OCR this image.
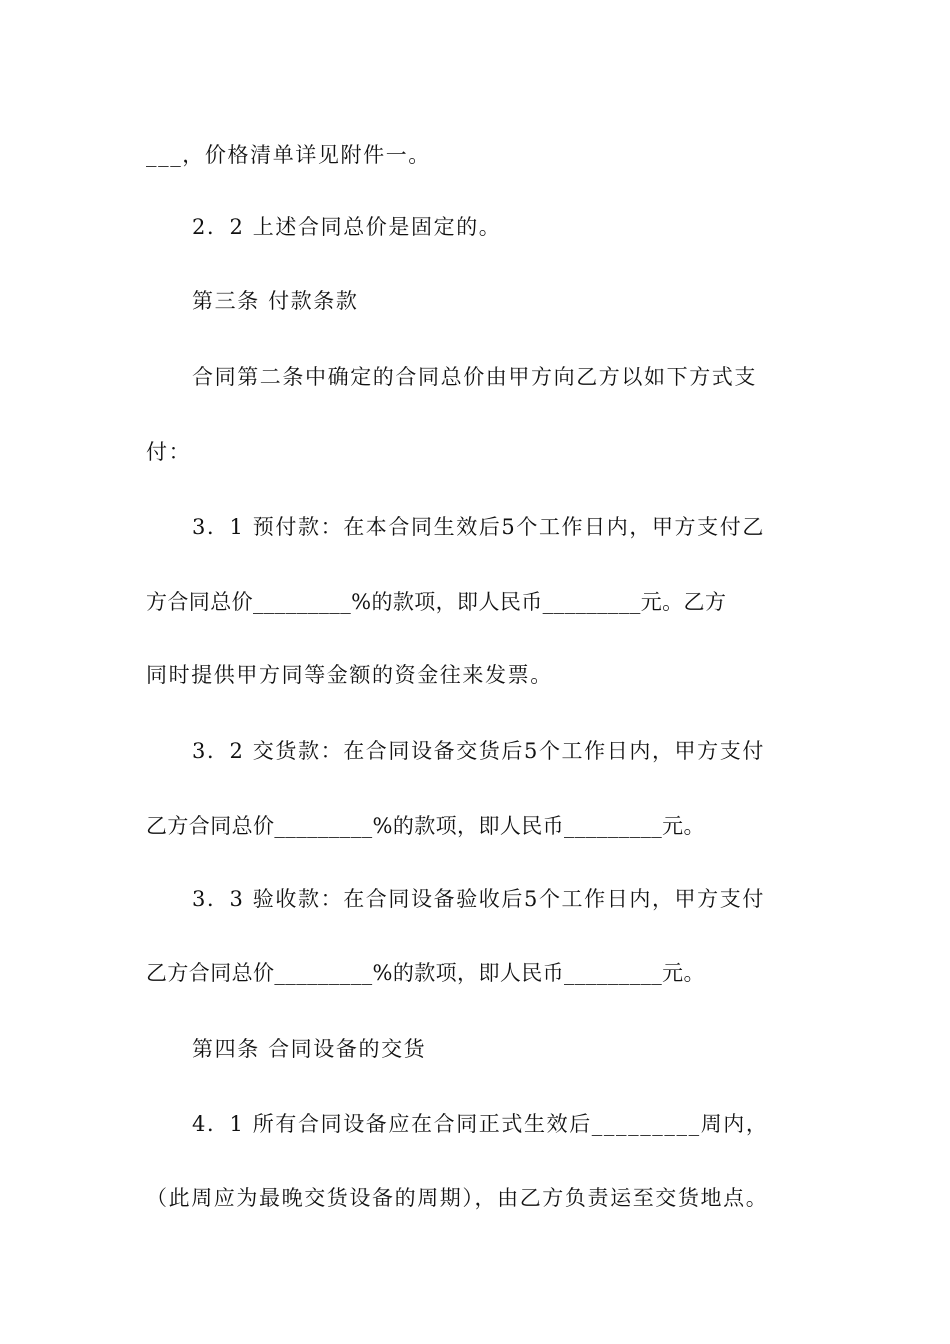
___，价格清单详见附件一。
2．2 上述合同总价是固定的。
第三条 付款条款
合同第二条中确定的合同总价由甲方向乙方以如下方式支
付：
3．1 预付款：在本合同生效后5个工作日内，甲方支付乙
方合同总价_________%的款项，即人民币_________元。乙方
同时提供甲方同等金额的资金往来发票。
3．2 交货款：在合同设备交货后5个工作日内，甲方支付
乙方合同总价_________%的款项，即人民币_________元。
3．3 验收款：在合同设备验收后5个工作日内，甲方支付
乙方合同总价_________%的款项，即人民币_________元。
第四条 合同设备的交货
4．1 所有合同设备应在合同正式生效后_________周内，
（此周应为最晚交货设备的周期），由乙方负责运至交货地点。
